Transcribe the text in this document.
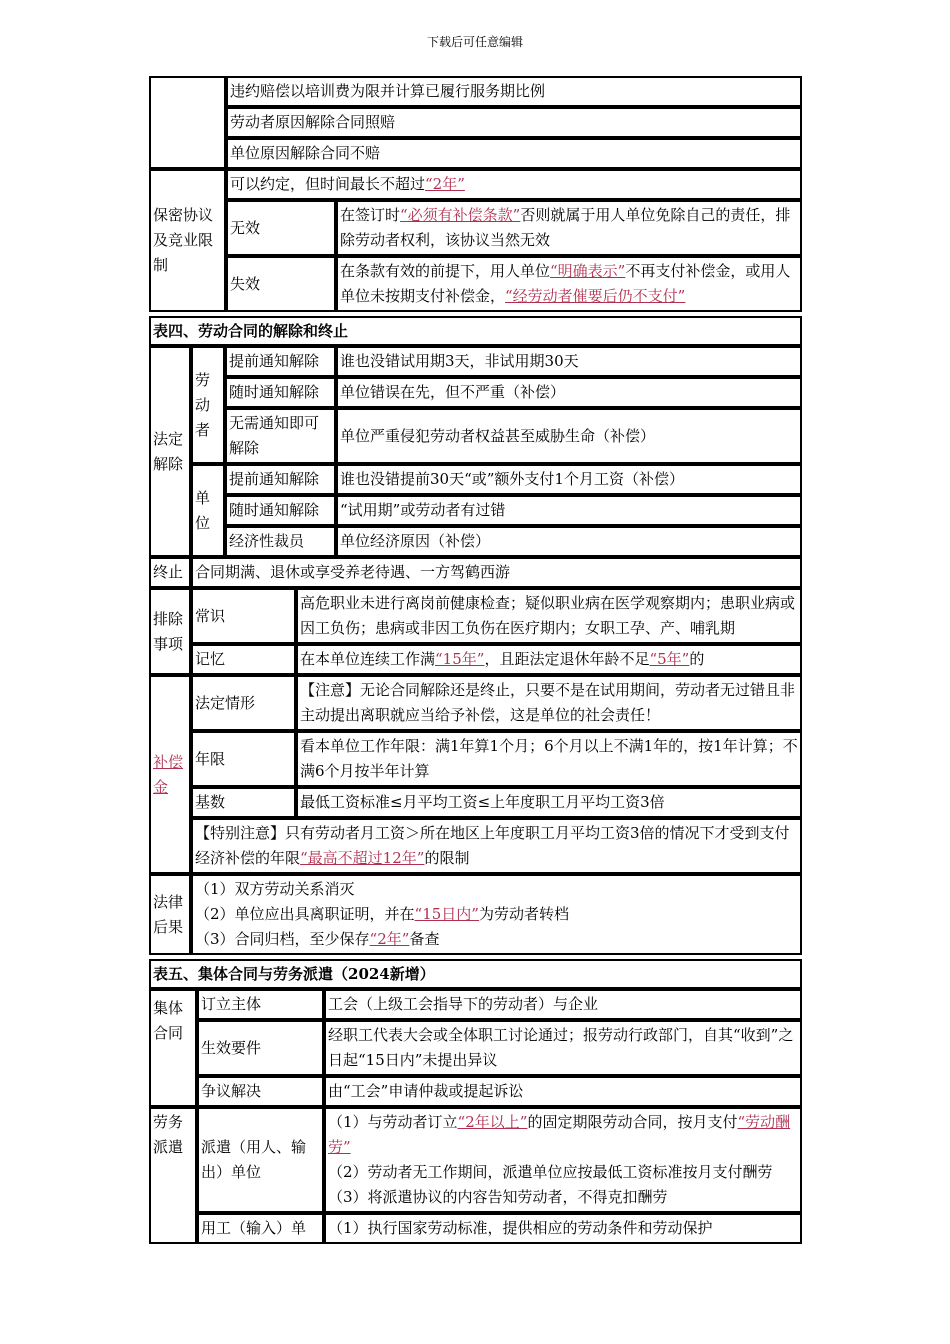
下载后可任意编辑
	违约赔偿以培训费为限并计算已履行服务期比例	
	劳动者原因解除合同照赔	
	单位原因解除合同不赔	
保密协议及竞业限制	可以约定，但时间最长不超过“2年”	
	无效	在签订时“必须有补偿条款”否则就属于用人单位免除自己的责任，排除劳动者权利，该协议当然无效
	失效	在条款有效的前提下，用人单位“明确表示”不再支付补偿金，或用人单位未按期支付补偿金，“经劳动者催要后仍不支付”
表四、劳动合同的解除和终止				
法定解除	劳动者	提前通知解除		谁也没错试用期3天，非试用期30天
		随时通知解除		单位错误在先，但不严重（补偿）
		无需通知即可解除		单位严重侵犯劳动者权益甚至威胁生命（补偿）
	单位	提前通知解除		谁也没错提前30天“或”额外支付1个月工资（补偿）
		随时通知解除		“试用期”或劳动者有过错
		经济性裁员		单位经济原因（补偿）
终止	合同期满、退休或享受养老待遇、一方驾鹤西游			
排除事项	常识		高危职业未进行离岗前健康检查；疑似职业病在医学观察期内；患职业病或因工负伤；患病或非因工负伤在医疗期内；女职工孕、产、哺乳期	
	记忆		在本单位连续工作满“15年”，且距法定退休年龄不足“5年”的	
补偿金	法定情形		【注意】无论合同解除还是终止，只要不是在试用期间，劳动者无过错且非主动提出离职就应当给予补偿，这是单位的社会责任！	
	年限		看本单位工作年限：满1年算1个月；6个月以上不满1年的，按1年计算；不满6个月按半年计算	
	基数		最低工资标准≤月平均工资≤上年度职工月平均工资3倍	
	【特别注意】只有劳动者月工资＞所在地区上年度职工月平均工资3倍的情况下才受到支付经济补偿的年限“最高不超过12年”的限制			
法律后果	（1）双方劳动关系消灭
（2）单位应出具离职证明，并在“15日内”为劳动者转档
（3）合同归档，至少保存“2年”备查			
表五、集体合同与劳务派遣（2024新增）		
集体合同	订立主体	工会（上级工会指导下的劳动者）与企业
	生效要件	经职工代表大会或全体职工讨论通过；报劳动行政部门，自其“收到”之日起“15日内”未提出异议
	争议解决	由“工会”申请仲裁或提起诉讼
劳务派遣	派遣（用人、输出）单位	（1）与劳动者订立“2年以上”的固定期限劳动合同，按月支付“劳动酬劳”
（2）劳动者无工作期间，派遣单位应按最低工资标准按月支付酬劳
（3）将派遣协议的内容告知劳动者，不得克扣酬劳

	用工（输入）单	（1）执行国家劳动标准，提供相应的劳动条件和劳动保护
